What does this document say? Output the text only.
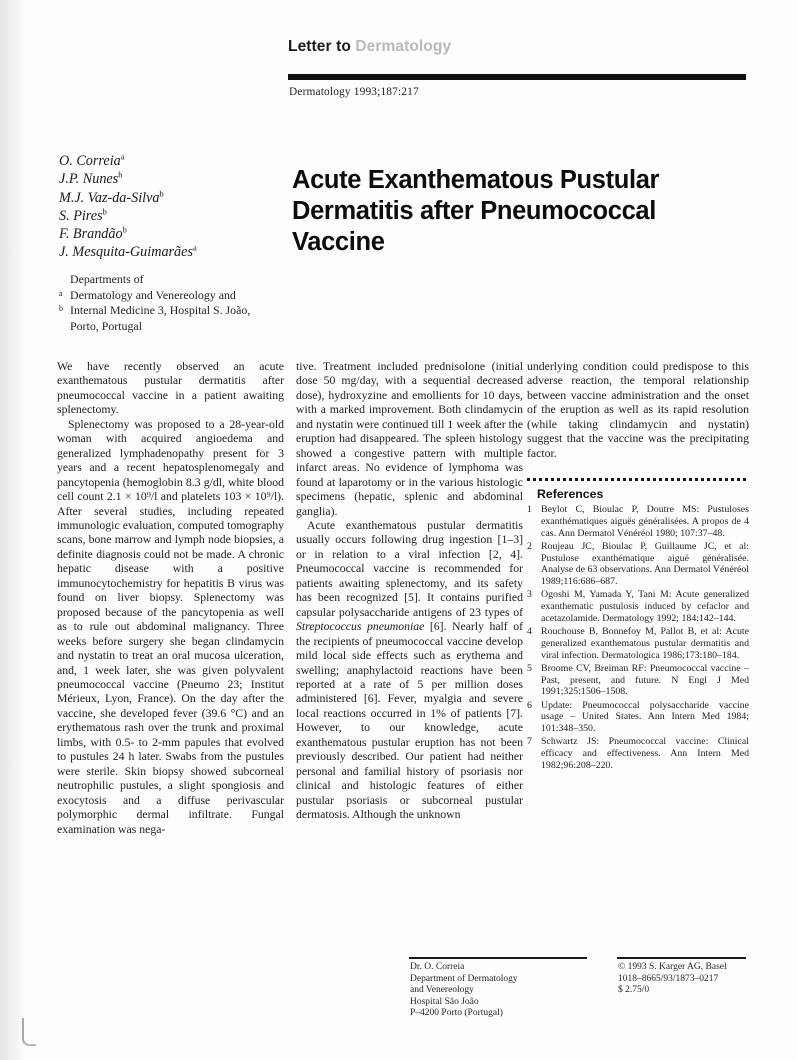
Letter to Dermatology
Dermatology 1993;187:217
O. Correia$^a$
J.P. Nunes$^b$
M.J. Vaz-da-Silva$^b$
S. Pires$^b$
F. Brandão$^b$
J. Mesquita-Guimarães$^a$
Departments of
a Dermatology and Venereology and
b Internal Medicine 3, Hospital S. João,
Porto, Portugal
Acute Exanthematous Pustular Dermatitis after Pneumococcal Vaccine

We have recently observed an acute exanthematous pustular dermatitis after pneumococcal vaccine in a patient awaiting splenectomy.

Splenectomy was proposed to a 28-year-old woman with acquired angioedema and generalized lymphadenopathy present for 3 years and a recent hepatosplenomegaly and pancytopenia (hemoglobin 8.3 g/dl, white blood cell count 2.1 × 10⁹/l and platelets 103 × 10⁹/l). After several studies, including repeated immunologic evaluation, computed tomography scans, bone marrow and lymph node biopsies, a definite diagnosis could not be made. A chronic hepatic disease with a positive immunocytochemistry for hepatitis B virus was found on liver biopsy. Splenectomy was proposed because of the pancytopenia as well as to rule out abdominal malignancy. Three weeks before surgery she began clindamycin and nystatin to treat an oral mucosa ulceration, and, 1 week later, she was given polyvalent pneumococcal vaccine (Pneumo 23; Institut Mérieux, Lyon, France). On the day after the vaccine, she developed fever (39.6 °C) and an erythematous rash over the trunk and proximal limbs, with 0.5- to 2-mm papules that evolved to pustules 24 h later. Swabs from the pustules were sterile. Skin biopsy showed subcorneal neutrophilic pustules, a slight spongiosis and exocytosis and a diffuse perivascular polymorphic dermal infiltrate. Fungal examination was nega-

tive. Treatment included prednisolone (initial dose 50 mg/day, with a sequential decreased dose), hydroxyzine and emollients for 10 days, with a marked improvement. Both clindamycin and nystatin were continued till 1 week after the eruption had disappeared. The spleen histology showed a congestive pattern with multiple infarct areas. No evidence of lymphoma was found at laparotomy or in the various histologic specimens (hepatic, splenic and abdominal ganglia).

Acute exanthematous pustular dermatitis usually occurs following drug ingestion [1–3] or in relation to a viral infection [2, 4]. Pneumococcal vaccine is recommended for patients awaiting splenectomy, and its safety has been recognized [5]. It contains purified capsular polysaccharide antigens of 23 types of Streptococcus pneumoniae [6]. Nearly half of the recipients of pneumococcal vaccine develop mild local side effects such as erythema and swelling; anaphylactoid reactions have been reported at a rate of 5 per million doses administered [6]. Fever, myalgia and severe local reactions occurred in 1% of patients [7]. However, to our knowledge, acute exanthematous pustular eruption has not been previously described. Our patient had neither personal and familial history of psoriasis nor clinical and histologic features of either pustular psoriasis or subcorneal pustular dermatosis. Although the unknown

underlying condition could predispose to this adverse reaction, the temporal relationship between vaccine administration and the onset of the eruption as well as its rapid resolution (while taking clindamycin and nystatin) suggest that the vaccine was the precipitating factor.

References
1 Beylot C, Bioulac P, Doutre MS: Pustuloses exanthématiques aiguës généralisées. A propos de 4 cas. Ann Dermatol Vénéréol 1980; 107:37–48.
2 Roujeau JC, Bioulac P, Guillaume JC, et al: Pustulose exanthématique aiguë généralisée. Analyse de 63 observations. Ann Dermatol Vénéréol 1989;116:686–687.
3 Ogoshi M, Yamada Y, Tani M: Acute generalized exanthematic pustulosis induced by cefaclor and acetazolamide. Dermatology 1992; 184:142–144.
4 Rouchouse B, Bonnefoy M, Pallot B, et al: Acute generalized exanthematous pustular dermatitis and viral infection. Dermatologica 1986;173:180–184.
5 Broome CV, Breiman RF: Pneumococcal vaccine – Past, present, and future. N Engl J Med 1991;325:1506–1508.
6 Update: Pneumococcal polysaccharide vaccine usage – United States. Ann Intern Med 1984; 101:348–350.
7 Schwartz JS: Pneumococcal vaccine: Clinical efficacy and effectiveness. Ann Intern Med 1982;96:208–220.
Dr. O. Correia
Department of Dermatology
and Venereology
Hospital São João
P–4200 Porto (Portugal)
© 1993 S. Karger AG, Basel
1018–8665/93/1873–0217
$ 2.75/0
